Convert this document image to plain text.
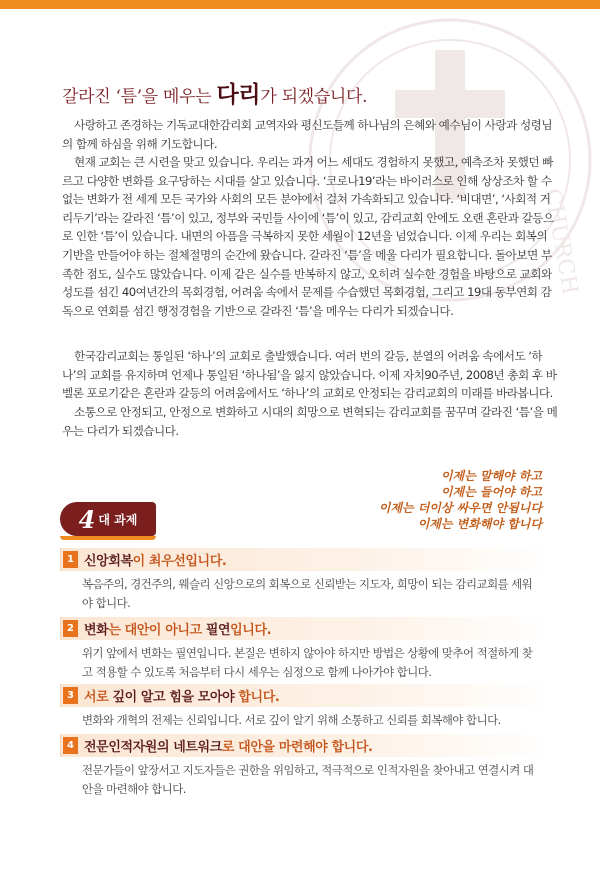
CHURCH
갈라진 ‘틈’을 메우는 다리가 되겠습니다.

사랑하고 존경하는 기독교대한감리회 교역자와 평신도들께 하나님의 은혜와 예수님이 사랑과 성령님의 함께 하심을 위해 기도합니다.

현재 교회는 큰 시련을 맞고 있습니다. 우리는 과거 어느 세대도 경험하지 못했고, 예측조차 못했던 빠르고 다양한 변화를 요구당하는 시대를 살고 있습니다. ‘코로나19’라는 바이러스로 인해 상상조차 할 수 없는 변화가 전 세계 모든 국가와 사회의 모든 분야에서 걸쳐 가속화되고 있습니다. ‘비대면’, ‘사회적 거리두기’라는 갈라진 ‘틈’이 있고, 정부와 국민들 사이에 ‘틈’이 있고, 감리교회 안에도 오랜 혼란과 갈등으로 인한 ‘틈’이 있습니다. 내면의 아픔을 극복하지 못한 세월이 12년을 넘었습니다. 이제 우리는 회복의 기반을 만들어야 하는 절체절명의 순간에 왔습니다. 갈라진 ‘틈’을 메울 다리가 필요합니다. 돌아보면 부족한 점도, 실수도 많았습니다. 이제 같은 실수를 반복하지 않고, 오히려 실수한 경험을 바탕으로 교회와 성도를 섬긴 40여년간의 목회경험, 어려움 속에서 문제를 수습했던 목회경험, 그리고 19대 동부연회 감독으로 연회를 섬긴 행정경험을 기반으로 갈라진 ‘틈’을 메우는 다리가 되겠습니다.

한국감리교회는 통일된 ‘하나’의 교회로 출발했습니다. 여러 번의 갈등, 분열의 어려움 속에서도 ‘하나’의 교회를 유지하며 언제나 통일된 ‘하나됨’을 잃지 않았습니다. 이제 자치90주년, 2008년 총회 후 바벨론 포로기같은 혼란과 갈등의 어려움에서도 ‘하나’의 교회로 안정되는 감리교회의 미래를 바라봅니다.

소통으로 안정되고, 안정으로 변화하고 시대의 희망으로 변혁되는 감리교회를 꿈꾸며 갈라진 ‘틈’을 메우는 다리가 되겠습니다.

이제는 말해야 하고
이제는 들어야 하고
이제는 더이상 싸우면 안됩니다
이제는 변화해야 합니다
4 대 과제
1 신앙회복이 최우선입니다.
복음주의, 경건주의, 웨슬리 신앙으로의 회복으로 신뢰받는 지도자, 희망이 되는 감리교회를 세워야 합니다.
2 변화는 대안이 아니고 필연입니다.
위기 앞에서 변화는 필연입니다. 본질은 변하지 않아야 하지만 방법은 상황에 맞추어 적절하게 찾고 적용할 수 있도록 처음부터 다시 세우는 심정으로 함께 나아가야 합니다.
3 서로 깊이 알고 힘을 모아야 합니다.
변화와 개혁의 전제는 신뢰입니다. 서로 깊이 알기 위해 소통하고 신뢰를 회복해야 합니다.
4 전문인적자원의 네트워크로 대안을 마련해야 합니다.
전문가들이 앞장서고 지도자들은 권한을 위임하고, 적극적으로 인적자원을 찾아내고 연결시켜 대안을 마련해야 합니다.
